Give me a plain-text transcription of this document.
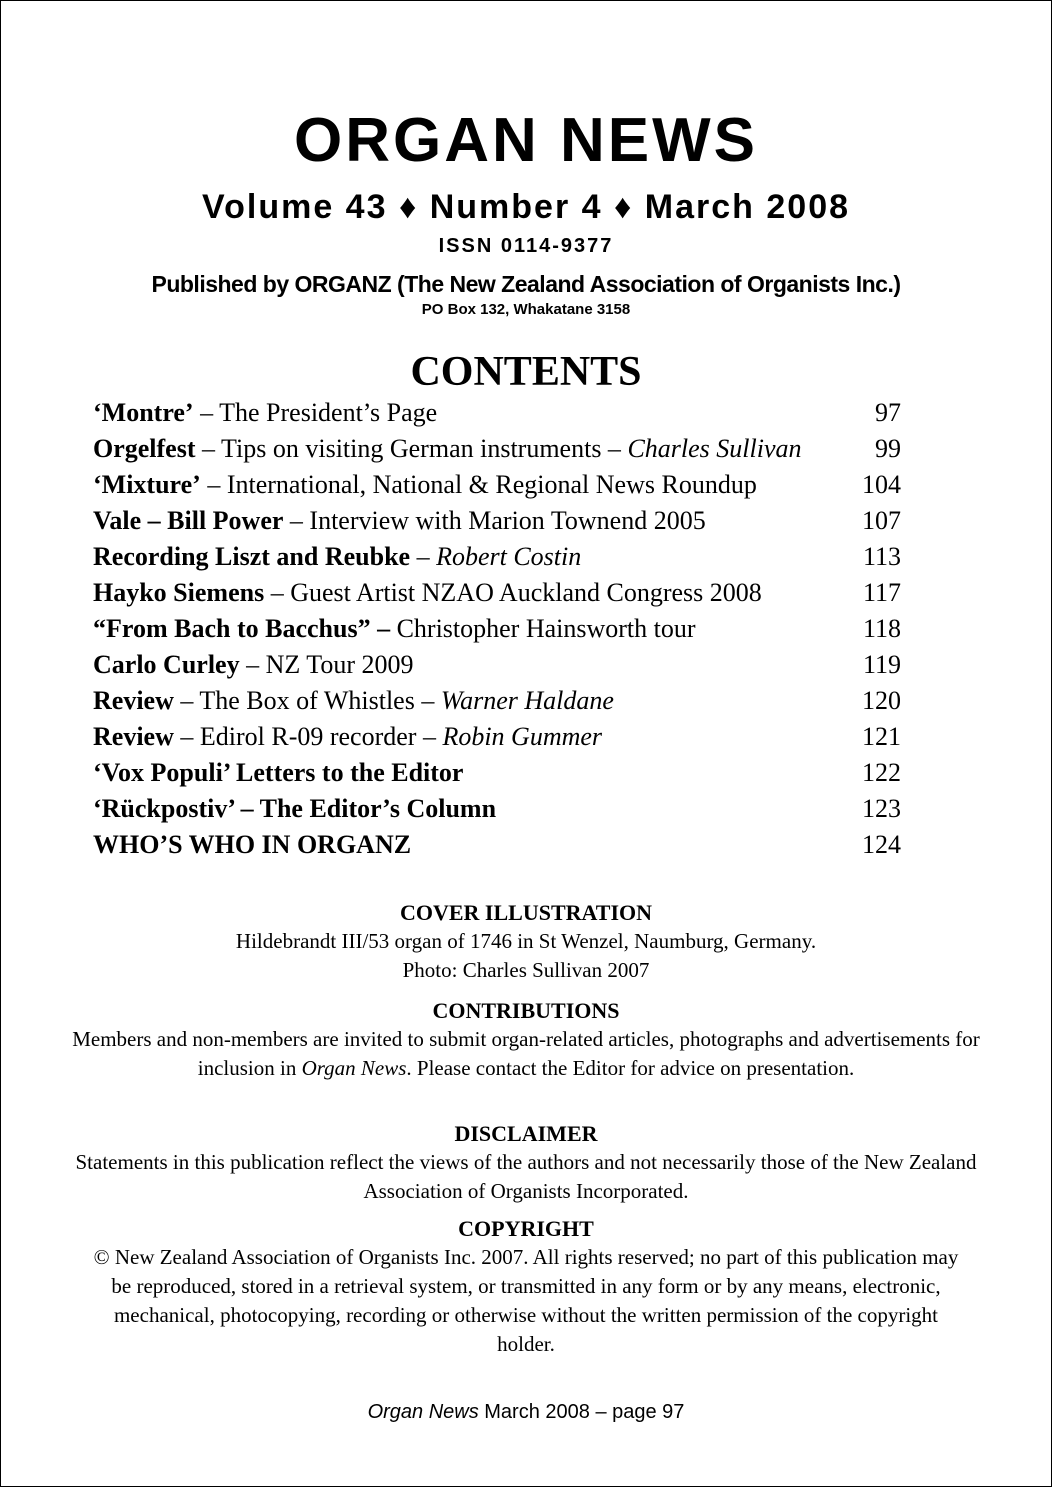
ORGAN NEWS
Volume 43 ♦ Number 4 ♦ March 2008
ISSN 0114-9377
Published by ORGANZ (The New Zealand Association of Organists Inc.)
PO Box 132, Whakatane 3158
CONTENTS
‘Montre’ – The President’s Page	97
Orgelfest – Tips on visiting German instruments – Charles Sullivan	99
‘Mixture’ – International, National & Regional News Roundup	104
Vale – Bill Power – Interview with Marion Townend 2005	107
Recording Liszt and Reubke – Robert Costin	113
Hayko Siemens – Guest Artist NZAO Auckland Congress 2008	117
“From Bach to Bacchus” – Christopher Hainsworth tour	118
Carlo Curley – NZ Tour 2009	119
Review – The Box of Whistles – Warner Haldane	120
Review – Edirol R-09 recorder – Robin Gummer	121
‘Vox Populi’ Letters to the Editor	122
‘Rückpostiv’ – The Editor’s Column	123
WHO’S WHO IN ORGANZ	124
COVER ILLUSTRATION

Hildebrandt III/53 organ of 1746 in St Wenzel, Naumburg, Germany.

Photo: Charles Sullivan 2007

CONTRIBUTIONS

Members and non-members are invited to submit organ-related articles, photographs and advertisements for inclusion in Organ News. Please contact the Editor for advice on presentation.

DISCLAIMER

Statements in this publication reflect the views of the authors and not necessarily those of the New Zealand Association of Organists Incorporated.

COPYRIGHT

© New Zealand Association of Organists Inc. 2007. All rights reserved; no part of this publication may be reproduced, stored in a retrieval system, or transmitted in any form or by any means, electronic, mechanical, photocopying, recording or otherwise without the written permission of the copyright holder.

Organ News March 2008 – page 97
